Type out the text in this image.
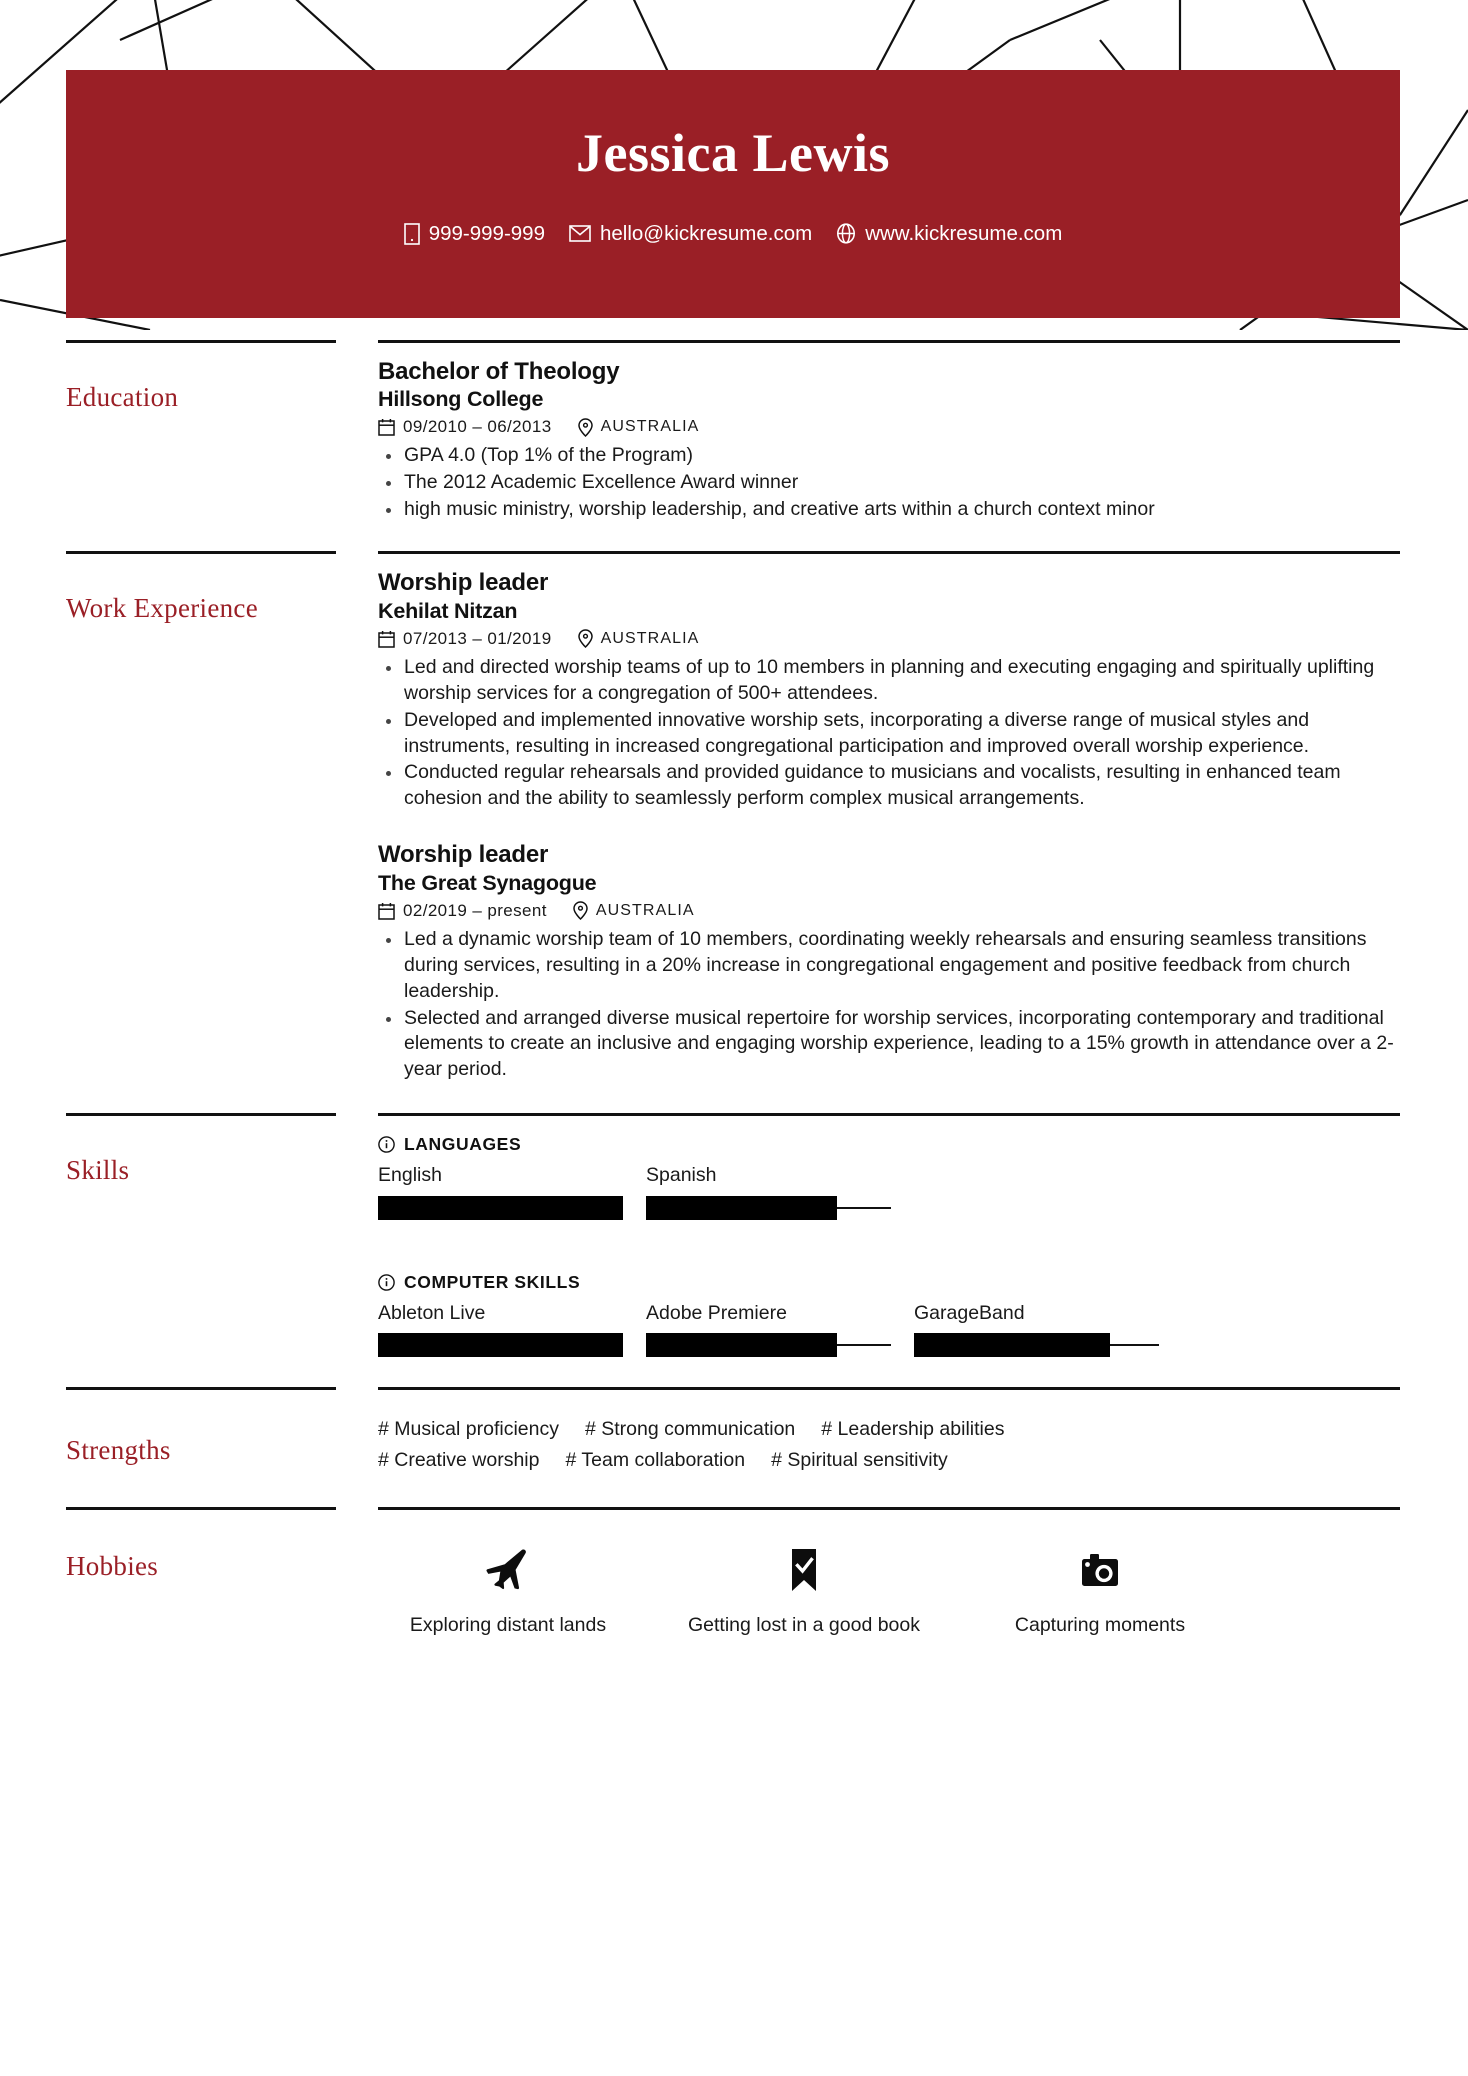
Jessica Lewis
999-999-999	hello@kickresume.com	www.kickresume.com
Education
Bachelor of Theology
Hillsong College
09/2010 – 06/2013	AUSTRALIA
GPA 4.0 (Top 1% of the Program)
The 2012 Academic Excellence Award winner
high music ministry, worship leadership, and creative arts within a church context minor
Work Experience
Worship leader
Kehilat Nitzan
07/2013 – 01/2019	AUSTRALIA
Led and directed worship teams of up to 10 members in planning and executing engaging and spiritually uplifting worship services for a congregation of 500+ attendees.
Developed and implemented innovative worship sets, incorporating a diverse range of musical styles and instruments, resulting in increased congregational participation and improved overall worship experience.
Conducted regular rehearsals and provided guidance to musicians and vocalists, resulting in enhanced team cohesion and the ability to seamlessly perform complex musical arrangements.
Worship leader
The Great Synagogue
02/2019 – present	AUSTRALIA
Led a dynamic worship team of 10 members, coordinating weekly rehearsals and ensuring seamless transitions during services, resulting in a 20% increase in congregational engagement and positive feedback from church leadership.
Selected and arranged diverse musical repertoire for worship services, incorporating contemporary and traditional elements to create an inclusive and engaging worship experience, leading to a 15% growth in attendance over a 2-year period.
Skills
LANGUAGES
English	Spanish
COMPUTER SKILLS
Ableton Live	Adobe Premiere	GarageBand
Strengths
# Musical proficiency # Strong communication # Leadership abilities
# Creative worship # Team collaboration # Spiritual sensitivity
Hobbies
Exploring distant lands	Getting lost in a good book	Capturing moments
